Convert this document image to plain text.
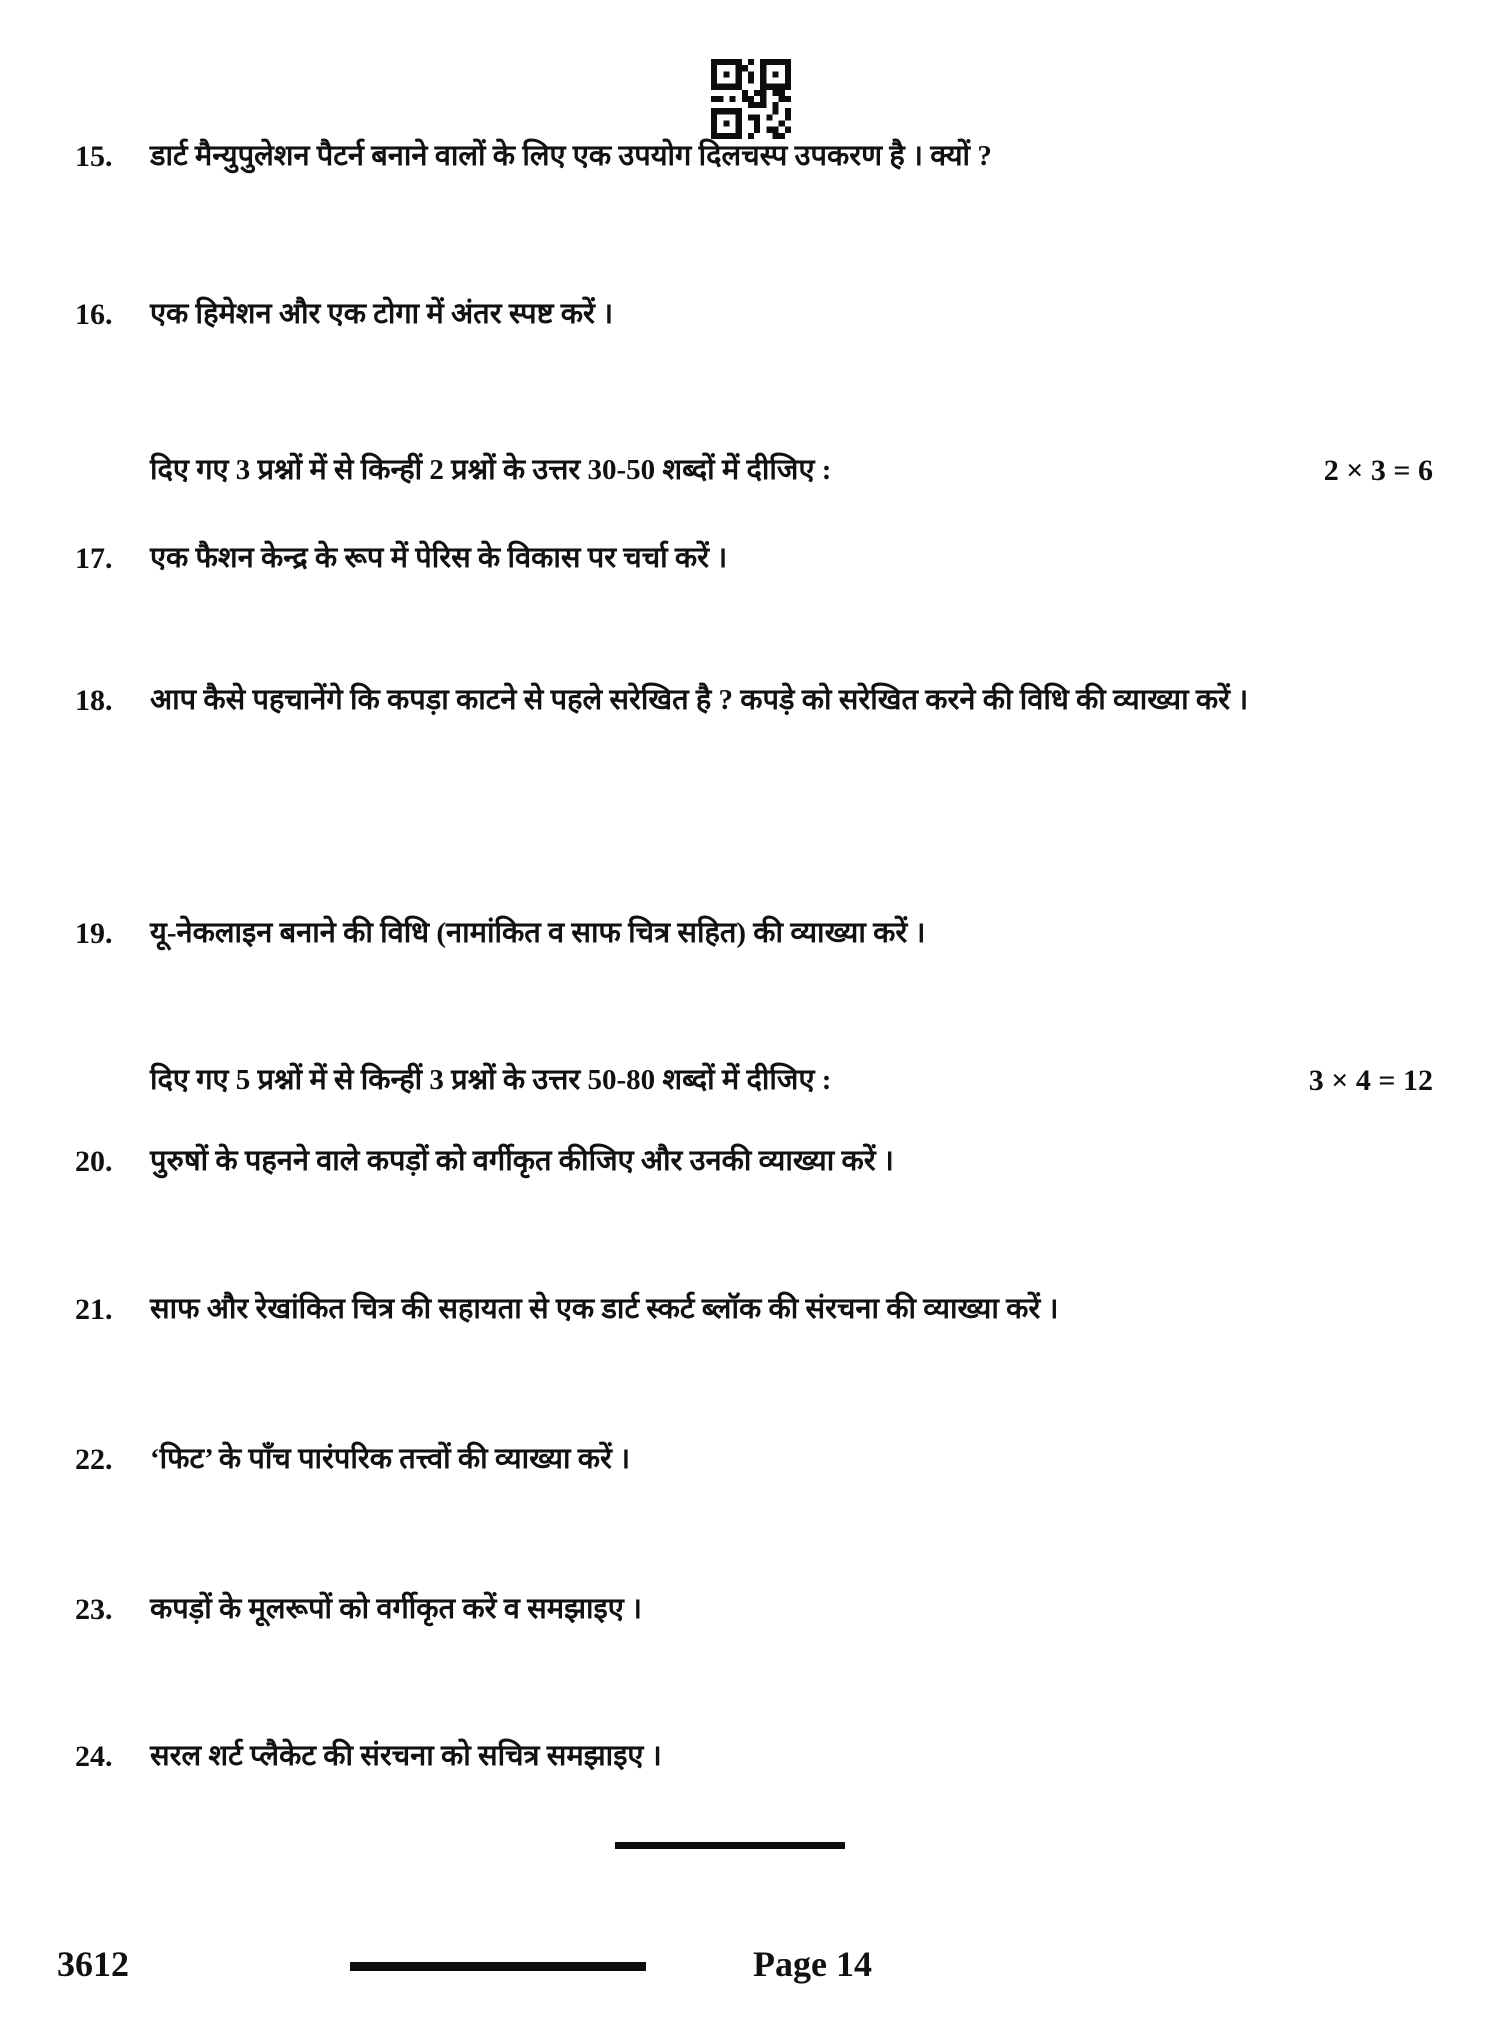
15.	डार्ट मैन्युपुलेशन पैटर्न बनाने वालों के लिए एक उपयोग दिलचस्प उपकरण है । क्यों ?
16.	एक हिमेशन और एक टोगा में अंतर स्पष्ट करें ।
दिए गए 3 प्रश्नों में से किन्हीं 2 प्रश्नों के उत्तर 30-50 शब्दों में दीजिए :	2 × 3 = 6
17.	एक फैशन केन्द्र के रूप में पेरिस के विकास पर चर्चा करें ।
18.	आप कैसे पहचानेंगे कि कपड़ा काटने से पहले सरेखित है ? कपड़े को सरेखित करने की विधि की व्याख्या करें ।
19.	यू-नेकलाइन बनाने की विधि (नामांकित व साफ चित्र सहित) की व्याख्या करें ।
दिए गए 5 प्रश्नों में से किन्हीं 3 प्रश्नों के उत्तर 50-80 शब्दों में दीजिए :	3 × 4 = 12
20.	पुरुषों के पहनने वाले कपड़ों को वर्गीकृत कीजिए और उनकी व्याख्या करें ।
21.	साफ और रेखांकित चित्र की सहायता से एक डार्ट स्कर्ट ब्लॉक की संरचना की व्याख्या करें ।
22.	‘फिट’ के पाँच पारंपरिक तत्त्वों की व्याख्या करें ।
23.	कपड़ों के मूलरूपों को वर्गीकृत करें व समझाइए ।
24.	सरल शर्ट प्लैकेट की संरचना को सचित्र समझाइए ।
3612	Page 14
